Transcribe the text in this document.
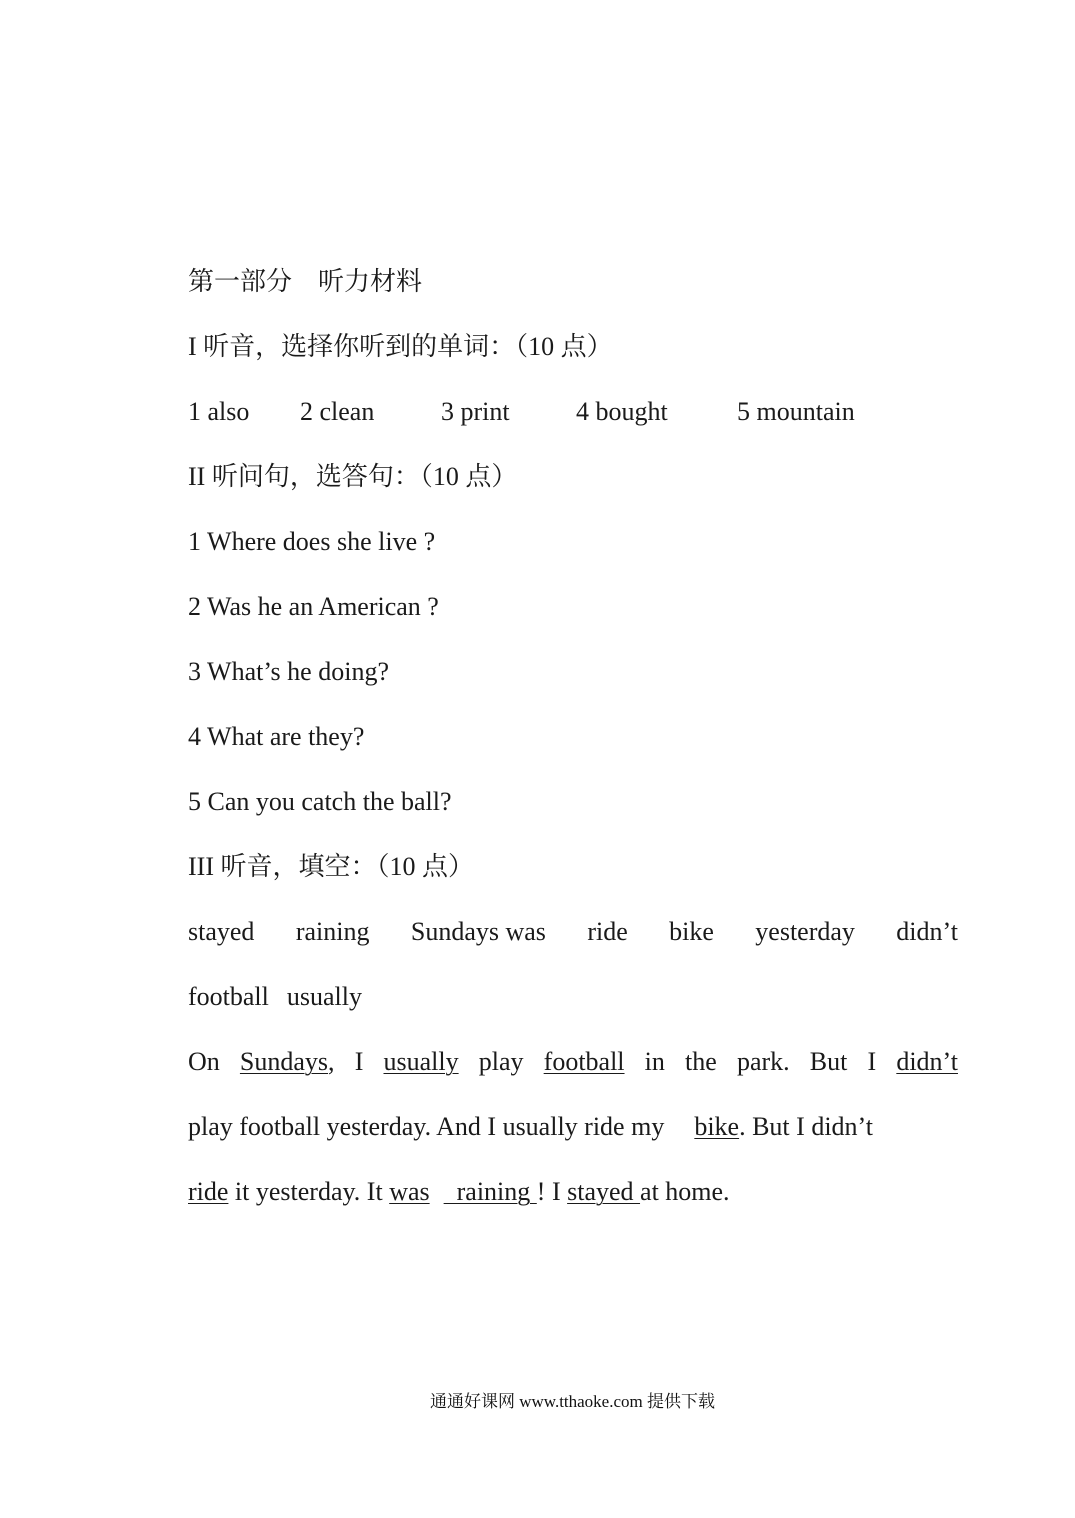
第一部分　听力材料
I 听音，选择你听到的单词：（10 点）
1 also 2 clean	3 print	4 bought	5 mountain
II 听问句，选答句：（10 点）
1 Where does she live ?
2 Was he an American ?
3 What’s he doing?
4 What are they?
5 Can you catch the ball?
III 听音，填空：（10 点）
stayed raining Sundays was ride bike yesterday didn’t
football usually
On Sundays, I usually play football in the park. But I didn’t
play football yesterday. And I usually ride my bike. But I didn’t
ride it yesterday. It was  raining ! I stayed at home.
通通好课网 www.tthaoke.com 提供下载
